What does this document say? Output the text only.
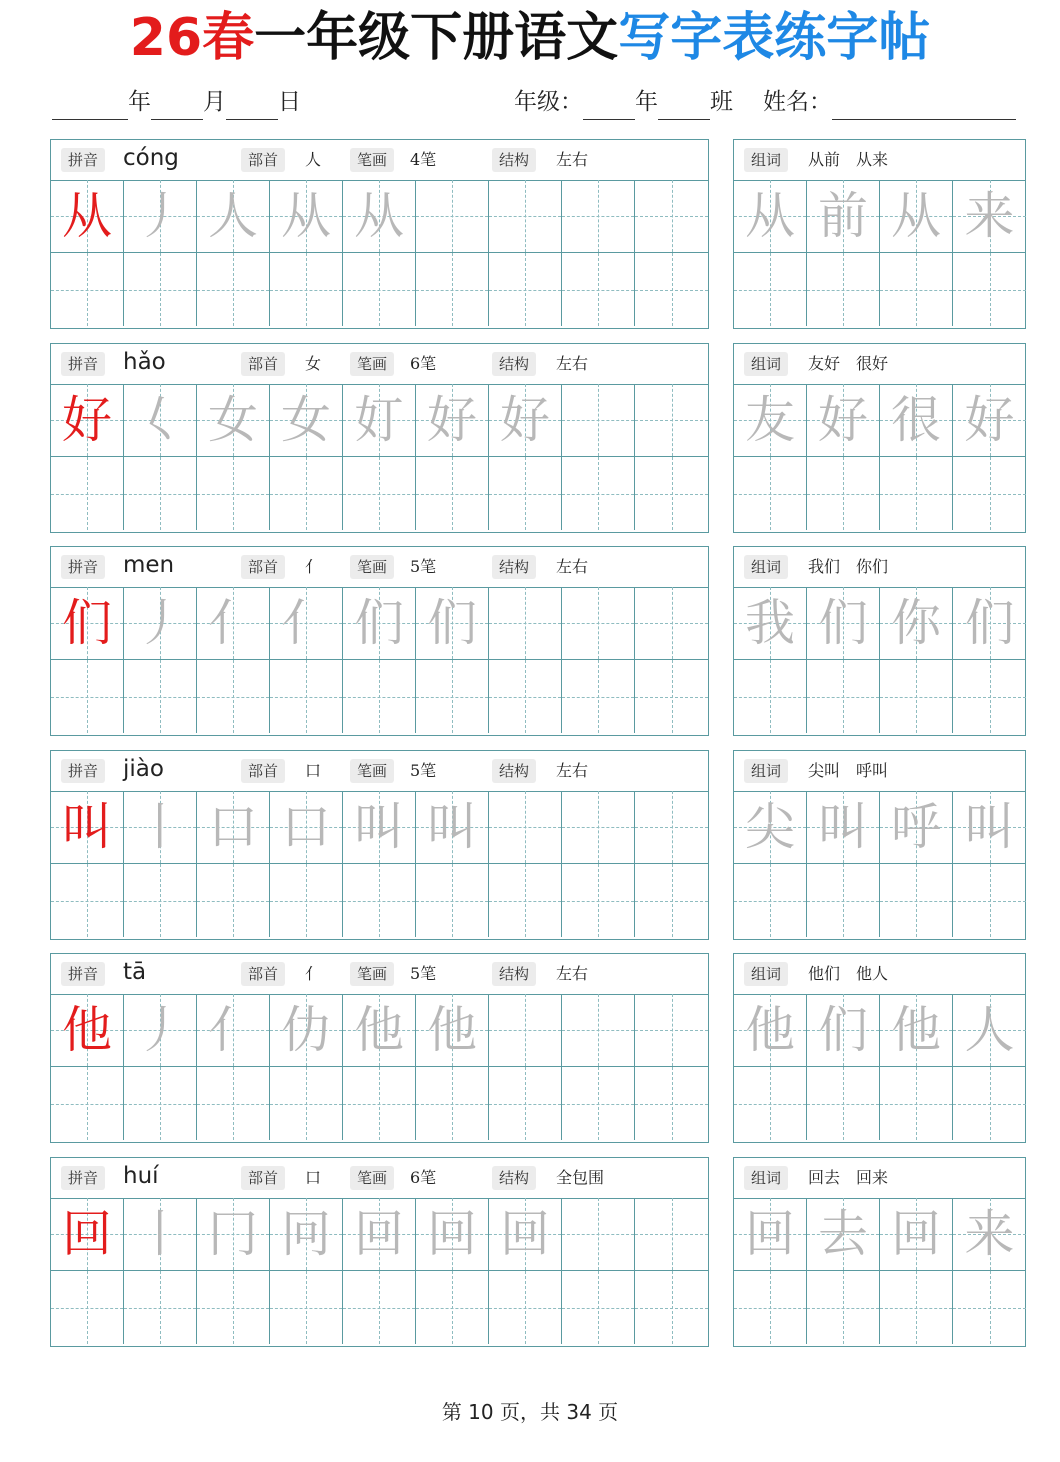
26春一年级下册语文写字表练字帖
年 月 日	年级： 年 班 姓名：
拼音	cóng	部首	人	笔画	4笔	结构	左右
从 丿 人 从 从
组词	从前　从来
从 前 从 来
拼音	hǎo	部首	女	笔画	6笔	结构	左右
好 𡿨 女 女 奵 好 好
组词	友好　很好
友 好 很 好
拼音	men	部首	亻	笔画	5笔	结构	左右
们 丿 亻 亻 们 们
组词	我们　你们
我 们 你 们
拼音	jiào	部首	口	笔画	5笔	结构	左右
叫 丨 口 口 叫 叫
组词	尖叫　呼叫
尖 叫 呼 叫
拼音	tā	部首	亻	笔画	5笔	结构	左右
他 丿 亻 仂 他 他
组词	他们　他人
他 们 他 人
拼音	huí	部首	口	笔画	6笔	结构	全包围
回 丨 冂 冋 回 回 回
组词	回去　回来
回 去 回 来
第 10 页，共 34 页
